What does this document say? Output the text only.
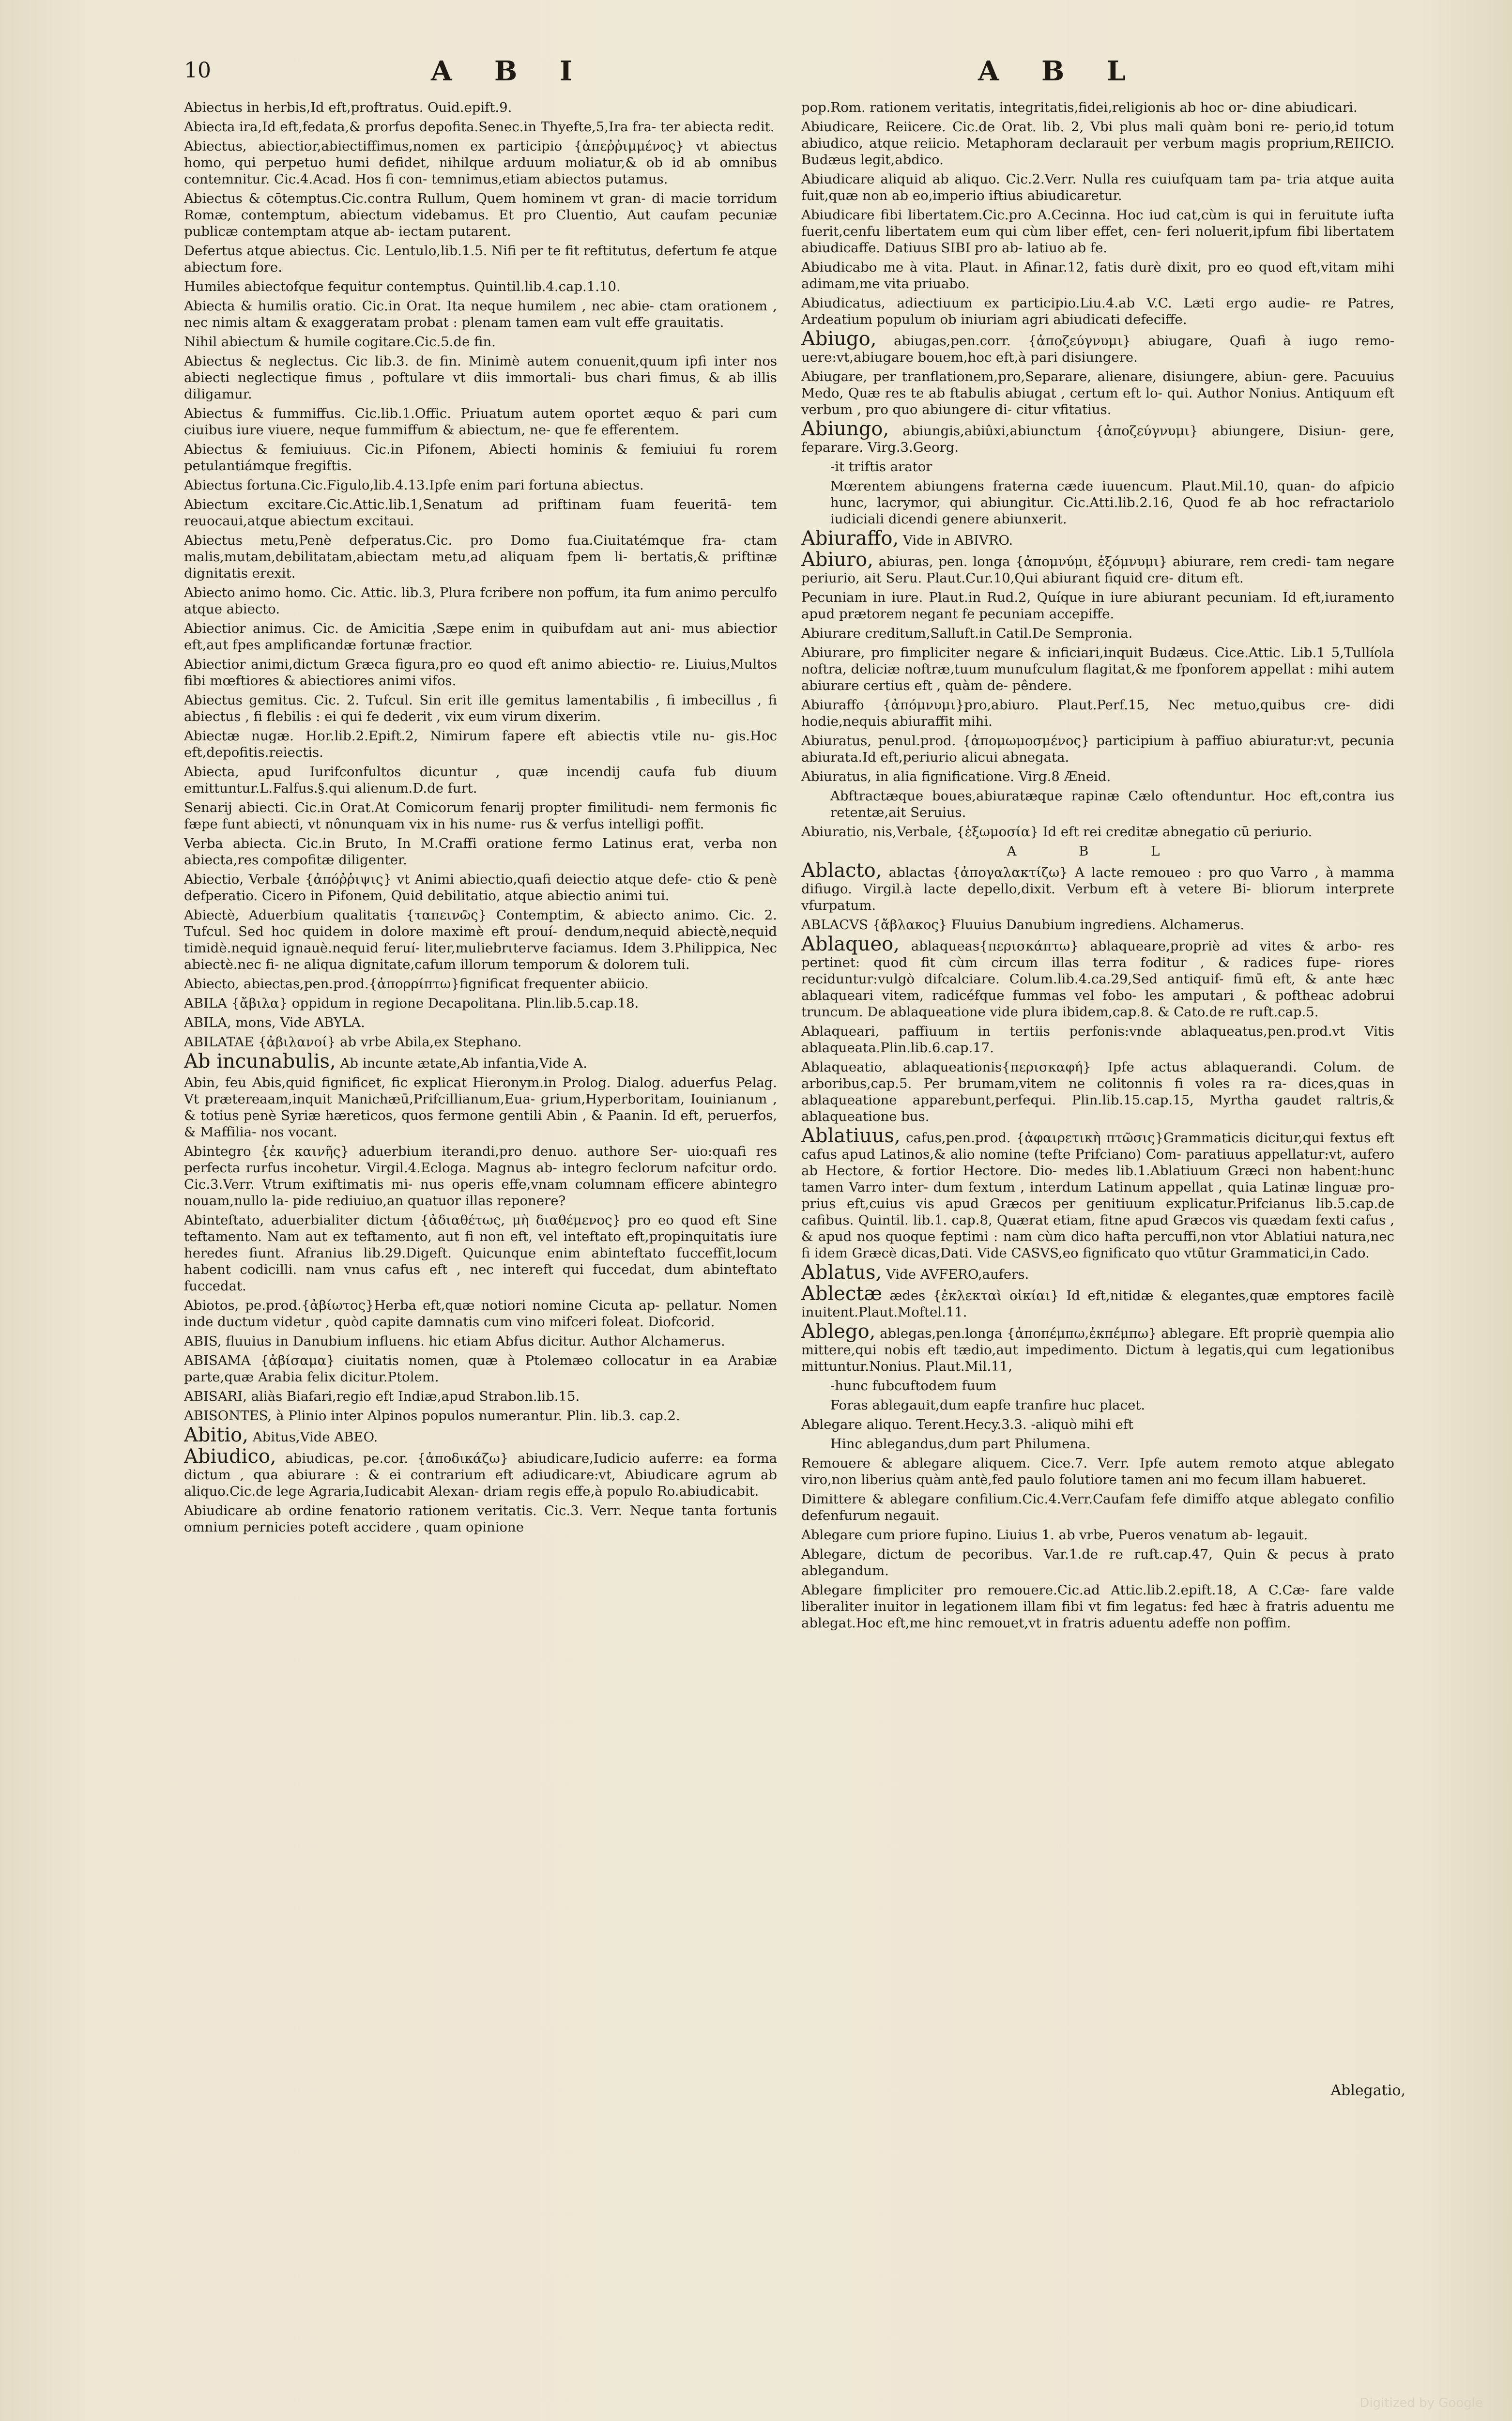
10	A B I	A B L

Abiectus in herbis,Id eft,proftratus. Ouid.epift.9.

Abiecta ira,Id eft,fedata,& prorfus depofita.Senec.in Thyefte,5,Ira fra- ter abiecta redit.

Abiectus, abiectior,abiectiffimus,nomen ex participio {ἀπεῤῥιμμένος} vt abiectus homo, qui perpetuo humi defidet, nihilque arduum moliatur,& ob id ab omnibus contemnitur. Cic.4.Acad. Hos fi con- temnimus,etiam abiectos putamus.

Abiectus & cōtemptus.Cic.contra Rullum, Quem hominem vt gran- di macie torridum Romæ, contemptum, abiectum videbamus. Et pro Cluentio, Aut caufam pecuniæ publicæ contemptam atque ab- iectam putarent.

Defertus atque abiectus. Cic. Lentulo,lib.1.5. Nifi per te fit reftitutus, defertum fe atque abiectum fore.

Humiles abiectofque fequitur contemptus. Quintil.lib.4.cap.1.10.

Abiecta & humilis oratio. Cic.in Orat. Ita neque humilem , nec abie- ctam orationem , nec nimis altam & exaggeratam probat : plenam tamen eam vult effe grauitatis.

Nihil abiectum & humile cogitare.Cic.5.de fin.

Abiectus & neglectus. Cic lib.3. de fin. Minimè autem conuenit,quum ipfi inter nos abiecti neglectique fimus , poftulare vt diis immortali- bus chari fimus, & ab illis diligamur.

Abiectus & fummiffus. Cic.lib.1.Offic. Priuatum autem oportet æquo & pari cum ciuibus iure viuere, neque fummiffum & abiectum, ne- que fe efferentem.

Abiectus & femiuiuus. Cic.in Pifonem, Abiecti hominis & femiuiui fu rorem petulantiámque fregiftis.

Abiectus fortuna.Cic.Figulo,lib.4.13.Ipfe enim pari fortuna abiectus.

Abiectum excitare.Cic.Attic.lib.1,Senatum ad priftinam fuam feueritā- tem reuocaui,atque abiectum excitaui.

Abiectus metu,Penè defperatus.Cic. pro Domo fua.Ciuitatémque fra- ctam malis,mutam,debilitatam,abiectam metu,ad aliquam fpem li- bertatis,& priftinæ dignitatis erexit.

Abiecto animo homo. Cic. Attic. lib.3, Plura fcribere non poffum, ita fum animo perculfo atque abiecto.

Abiectior animus. Cic. de Amicitia ,Sæpe enim in quibufdam aut ani- mus abiectior eft,aut fpes amplificandæ fortunæ fractior.

Abiectior animi,dictum Græca figura,pro eo quod eft animo abiectio- re. Liuius,Multos fibi mœftiores & abiectiores animi vifos.

Abiectus gemitus. Cic. 2. Tufcul. Sin erit ille gemitus lamentabilis , fi imbecillus , fi abiectus , fi flebilis : ei qui fe dederit , vix eum virum dixerim.

Abiectæ nugæ. Hor.lib.2.Epift.2, Nimirum fapere eft abiectis vtile nu- gis.Hoc eft,depofitis.reiectis.

Abiecta, apud Iurifconfultos dicuntur , quæ incendij caufa fub diuum emittuntur.L.Falfus.§.qui alienum.D.de furt.

Senarij abiecti. Cic.in Orat.At Comicorum fenarij propter fimilitudi- nem fermonis fic fæpe funt abiecti, vt nônunquam vix in his nume- rus & verfus intelligi poffit.

Verba abiecta. Cic.in Bruto, In M.Craffi oratione fermo Latinus erat, verba non abiecta,res compofitæ diligenter.

Abiectio, Verbale {ἀπόῤῥιψις} vt Animi abiectio,quafi deiectio atque defe- ctio & penè defperatio. Cicero in Pifonem, Quid debilitatio, atque abiectio animi tui.

Abiectè, Aduerbium qualitatis {ταπεινῶς} Contemptim, & abiecto animo. Cic. 2. Tufcul. Sed hoc quidem in dolore maximè eft prouí- dendum,nequid abiectè,nequid timidè.nequid ignauè.nequid feruí- liter,muliebrιterve faciamus. Idem 3.Philippica, Nec abiectè.nec fi- ne aliqua dignitate,cafum illorum temporum & dolorem tuli.

Abiecto, abiectas,pen.prod.{ἀπορρίπτω}fignificat frequenter abiicio.

ABILA {ἄβιλα} oppidum in regione Decapolitana. Plin.lib.5.cap.18.

ABILA, mons, Vide ABYLA.

ABILATAE {ἀβιλανοί} ab vrbe Abila,ex Stephano.

Ab incunabulis, Ab incunte ætate,Ab infantia,Vide A.

Abin, feu Abis,quid fignificet, fic explicat Hieronym.in Prolog. Dialog. aduerfus Pelag. Vt prætereaam,inquit Manichæū,Prifcillianum,Eua- grium,Hyperboritam, Iouinianum , & totius penè Syriæ hæreticos, quos fermone gentili Abin , & Paanin. Id eft, peruerfos, & Maffilia- nos vocant.

Abintegro {ἐκ καινῆς} aduerbium iterandi,pro denuo. authore Ser- uio:quafi res perfecta rurfus incohetur. Virgil.4.Ecloga. Magnus ab- integro feclorum nafcitur ordo. Cic.3.Verr. Vtrum exiftimatis mi- nus operis effe,vnam columnam efficere abintegro nouam,nullo la- pide rediuiuo,an quatuor illas reponere?

Abinteſtato, aduerbialiter dictum {ἀδιαθέτως, μὴ διαθέμενος} pro eo quod eft Sine teftamento. Nam aut ex teftamento, aut fi non eft, vel inteftato eft,propinquitatis iure heredes fiunt. Afranius lib.29.Digeft. Quicunque enim abinteftato fucceffit,locum habent codicilli. nam vnus cafus eft , nec intereft qui fuccedat, dum abinteftato fuccedat.

Abiotos, pe.prod.{ἀβίωτος}Herba eft,quæ notiori nomine Cicuta ap- pellatur. Nomen inde ductum videtur , quòd capite damnatis cum vino mifceri foleat. Diofcorid.

ABIS, fluuius in Danubium influens. hic etiam Abfus dicitur. Author Alchamerus.

ABISAMA {ἀβίσαμα} ciuitatis nomen, quæ à Ptolemæo collocatur in ea Arabiæ parte,quæ Arabia felix dicitur.Ptolem.

ABISARI, aliàs Biafari,regio eft Indiæ,apud Strabon.lib.15.

ABISONTES, à Plinio inter Alpinos populos numerantur. Plin. lib.3. cap.2.

Abitio, Abitus,Vide ABEO.

Abiudico, abiudicas, pe.cor. {ἀποδικάζω} abiudicare,Iudicio auferre: ea forma dictum , qua abiurare : & ei contrarium eft adiudicare:vt, Abiudicare agrum ab aliquo.Cic.de lege Agraria,Iudicabit Alexan- driam regis effe,à populo Ro.abiudicabit.

Abiudicare ab ordine fenatorio rationem veritatis. Cic.3. Verr. Neque tanta fortunis omnium pernicies poteft accidere , quam opinione

pop.Rom. rationem veritatis, integritatis,fidei,religionis ab hoc or- dine abiudicari.

Abiudicare, Reiicere. Cic.de Orat. lib. 2, Vbi plus mali quàm boni re- perio,id totum abiudico, atque reiicio. Metaphoram declarauit per verbum magis proprium,REIICIO. Budæus legit,abdico.

Abiudicare aliquid ab aliquo. Cic.2.Verr. Nulla res cuiufquam tam pa- tria atque auita fuit,quæ non ab eo,imperio iftius abiudicaretur.

Abiudicare fibi libertatem.Cic.pro A.Cecinna. Hoc iud cat,cùm is qui in feruitute iufta fuerit,cenfu libertatem eum qui cùm liber effet, cen- feri noluerit,ipfum fibi libertatem abiudicaffe. Datiuus SIBI pro ab- latiuo ab fe.

Abiudicabo me à vita. Plaut. in Afinar.12, fatis durè dixit, pro eo quod eft,vitam mihi adimam,me vita priuabo.

Abiudicatus, adiectiuum ex participio.Liu.4.ab V.C. Læti ergo audie- re Patres, Ardeatium populum ob iniuriam agri abiudicati defeciffe.

Abiugo, abiugas,pen.corr. {ἀποζεύγνυμι} abiugare, Quafi à iugo remo- uere:vt,abiugare bouem,hoc eft,à pari disiungere.

Abiugare, per tranflationem,pro,Separare, alienare, disiungere, abiun- gere. Pacuuius Medo, Quæ res te ab ftabulis abiugat , certum eft lo- qui. Author Nonius. Antiquum eft verbum , pro quo abiungere di- citur vfitatius.

Abiungo, abiungis,abiûxi,abiunctum {ἀποζεύγνυμι} abiungere, Disiun- gere, feparare. Virg.3.Georg.

-it triftis arator

Mœrentem abiungens fraterna cæde iuuencum. Plaut.Mil.10, quan- do afpicio hunc, lacrymor, qui abiungitur. Cic.Atti.lib.2.16, Quod fe ab hoc refractariolo iudiciali dicendi genere abiunxerit.

Abiuraffo, Vide in ABIVRO.

Abiuro, abiuras, pen. longa {ἀπομνύμι, ἐξόμνυμι} abiurare, rem credi- tam negare periurio, ait Seru. Plaut.Cur.10,Qui abiurant fiquid cre- ditum eft.

Pecuniam in iure. Plaut.in Rud.2, Quíque in iure abiurant pecuniam. Id eft,iuramento apud prætorem negant fe pecuniam accepiffe.

Abiurare creditum,Salluft.in Catil.De Sempronia.

Abiurare, pro fimpliciter negare & inficiari,inquit Budæus. Cice.Attic. Lib.1 5,Tullíola noftra, deliciæ noftræ,tuum munufculum flagitat,& me fponforem appellat : mihi autem abiurare certius eft , quàm de- pêndere.

Abiuraffo {ἀπόμνυμι}pro,abiuro. Plaut.Perf.15, Nec metuo,quibus cre- didi hodie,nequis abiuraffit mihi.

Abiuratus, penul.prod. {ἀπομωμοσμένος} participium à paffiuo abiuratur:vt, pecunia abiurata.Id eft,periurio alicui abnegata.

Abiuratus, in alia fignificatione. Virg.8 Æneid.

Abftractæque boues,abiuratæque rapinæ Cælo oftenduntur. Hoc eft,contra ius retentæ,ait Seruius.

Abiuratio, nis,Verbale, {ἐξωμοσία} Id eft rei creditæ abnegatio cū periurio.

A B L

Ablacto, ablactas {ἀπογαλακτίζω} A lacte remoueo : pro quo Varro , à mamma difiugo. Virgil.à lacte depello,dixit. Verbum eft à vetere Bi- bliorum interprete vfurpatum.

ABLACVS {ἄβλακος} Fluuius Danubium ingrediens. Alchamerus.

Ablaqueo, ablaqueas{περισκάπτω} ablaqueare,propriè ad vites & arbo- res pertinet: quod fit cùm circum illas terra foditur , & radices fupe- riores reciduntur:vulgò difcalciare. Colum.lib.4.ca.29,Sed antiquif- fimū eft, & ante hæc ablaqueari vitem, radicéfque fummas vel fobo- les amputari , & poftheac adobrui truncum. De ablaqueatione vide plura ibidem,cap.8. & Cato.de re ruft.cap.5.

Ablaqueari, paffiuum in tertiis perfonis:vnde ablaqueatus,pen.prod.vt Vitis ablaqueata.Plin.lib.6.cap.17.

Ablaqueatio, ablaqueationis{περισκαφή} Ipfe actus ablaquerandi. Colum. de arboribus,cap.5. Per brumam,vitem ne colitonnis fi voles ra ra- dices,quas in ablaqueatione apparebunt,perfequi. Plin.lib.15.cap.15, Myrtha gaudet raltris,& ablaqueatione bus.

Ablatiuus, cafus,pen.prod. {ἀφαιρετικὴ πτῶσις}Grammaticis dicitur,qui fextus eft cafus apud Latinos,& alio nomine (tefte Prifciano) Com- paratiuus appellatur:vt, aufero ab Hectore, & fortior Hectore. Dio- medes lib.1.Ablatiuum Græci non habent:hunc tamen Varro inter- dum fextum , interdum Latinum appellat , quia Latinæ linguæ pro- prius eft,cuius vis apud Græcos per genitiuum explicatur.Prifcianus lib.5.cap.de cafibus. Quintil. lib.1. cap.8, Quærat etiam, fitne apud Græcos vis quædam fexti cafus , & apud nos quoque feptimi : nam cùm dico hafta percuffi,non vtor Ablatiui natura,nec fi idem Græcè dicas,Dati. Vide CASVS,eo fignificato quo vtūtur Grammatici,in Cado.

Ablatus, Vide AVFERO,aufers.

Ablectæ ædes {ἐκλεκταὶ οἰκίαι} Id eft,nitidæ & elegantes,quæ emptores facilè inuitent.Plaut.Moftel.11.

Ablego, ablegas,pen.longa {ἀποπέμπω,ἐκπέμπω} ablegare. Eft propriè quempia alio mittere,qui nobis eft tædio,aut impedimento. Dictum à legatis,qui cum legationibus mittuntur.Nonius. Plaut.Mil.11,

-hunc fubcuftodem fuum

Foras ablegauit,dum eapfe tranfire huc placet.

Ablegare aliquo. Terent.Hecy.3.3. -aliquò mihi eft

Hinc ablegandus,dum part Philumena.

Remouere & ablegare aliquem. Cice.7. Verr. Ipfe autem remoto atque ablegato viro,non liberius quàm antè,fed paulo folutiore tamen ani mo fecum illam habueret.

Dimittere & ablegare confilium.Cic.4.Verr.Caufam fefe dimiffo atque ablegato confilio defenfurum negauit.

Ablegare cum priore fupino. Liuius 1. ab vrbe, Pueros venatum ab- legauit.

Ablegare, dictum de pecoribus. Var.1.de re ruft.cap.47, Quin & pecus à prato ablegandum.

Ablegare fimpliciter pro remouere.Cic.ad Attic.lib.2.epift.18, A C.Cæ- fare valde liberaliter inuitor in legationem illam fibi vt fim legatus: fed hæc à fratris aduentu me ablegat.Hoc eft,me hinc remouet,vt in fratris aduentu adeffe non poffim.

Ablegatio,
Digitized by Google
